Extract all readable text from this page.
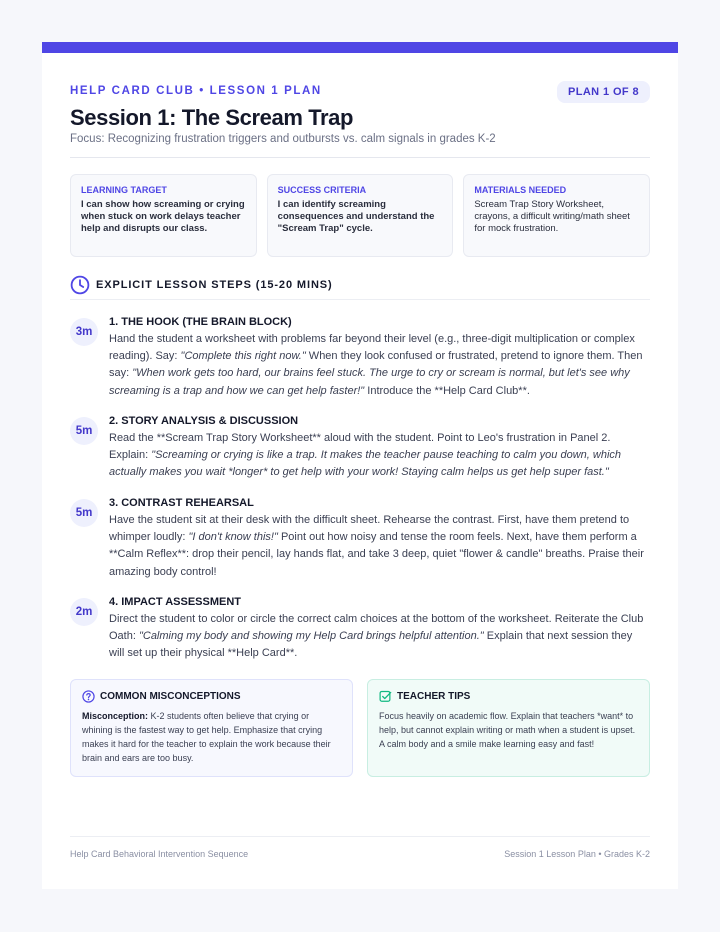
HELP CARD CLUB • LESSON 1 PLAN	PLAN 1 OF 8
Session 1: The Scream Trap
Focus: Recognizing frustration triggers and outbursts vs. calm signals in grades K-2
LEARNING TARGET
I can show how screaming or crying when stuck on work delays teacher help and disrupts our class.
SUCCESS CRITERIA
I can identify screaming consequences and understand the "Scream Trap" cycle.
MATERIALS NEEDED
Scream Trap Story Worksheet, crayons, a difficult writing/math sheet for mock frustration.
EXPLICIT LESSON STEPS (15-20 MINS)
3m
1. THE HOOK (THE BRAIN BLOCK)
Hand the student a worksheet with problems far beyond their level (e.g., three-digit multiplication or complex reading). Say: "Complete this right now." When they look confused or frustrated, pretend to ignore them. Then say: "When work gets too hard, our brains feel stuck. The urge to cry or scream is normal, but let's see why screaming is a trap and how we can get help faster!" Introduce the **Help Card Club**.
5m
2. STORY ANALYSIS & DISCUSSION
Read the **Scream Trap Story Worksheet** aloud with the student. Point to Leo's frustration in Panel 2. Explain: "Screaming or crying is like a trap. It makes the teacher pause teaching to calm you down, which actually makes you wait *longer* to get help with your work! Staying calm helps us get help super fast."
5m
3. CONTRAST REHEARSAL
Have the student sit at their desk with the difficult sheet. Rehearse the contrast. First, have them pretend to whimper loudly: "I don't know this!" Point out how noisy and tense the room feels. Next, have them perform a **Calm Reflex**: drop their pencil, lay hands flat, and take 3 deep, quiet "flower & candle" breaths. Praise their amazing body control!
2m
4. IMPACT ASSESSMENT
Direct the student to color or circle the correct calm choices at the bottom of the worksheet. Reiterate the Club Oath: "Calming my body and showing my Help Card brings helpful attention." Explain that next session they will set up their physical **Help Card**.
COMMON MISCONCEPTIONS
Misconception: K-2 students often believe that crying or whining is the fastest way to get help. Emphasize that crying makes it hard for the teacher to explain the work because their brain and ears are too busy.
TEACHER TIPS
Focus heavily on academic flow. Explain that teachers *want* to help, but cannot explain writing or math when a student is upset. A calm body and a smile make learning easy and fast!
Help Card Behavioral Intervention Sequence	Session 1 Lesson Plan • Grades K-2
